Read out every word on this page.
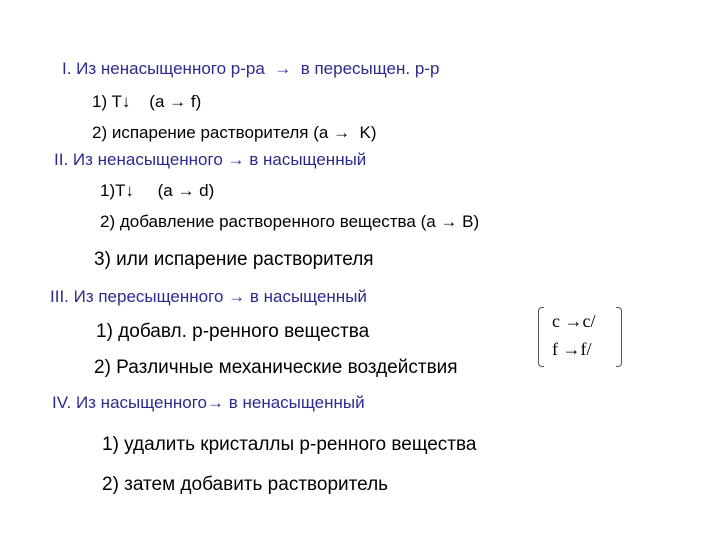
I. Из ненасыщенного р-ра  →  в пересыщен. р-р
1) T↓    (a → f)
2) испарение растворителя (a →  K)
II. Из ненасыщенного → в насыщенный
1)T↓     (a → d)
2) добавление растворенного вещества (a → B)
3) или испарение растворителя
III. Из пересыщенного → в насыщенный
1) добавл. р-ренного вещества
2) Различные механические воздействия
c →c/
f →f/
IV. Из насыщенного→ в ненасыщенный
1) удалить кристаллы р-ренного вещества
2) затем добавить растворитель
